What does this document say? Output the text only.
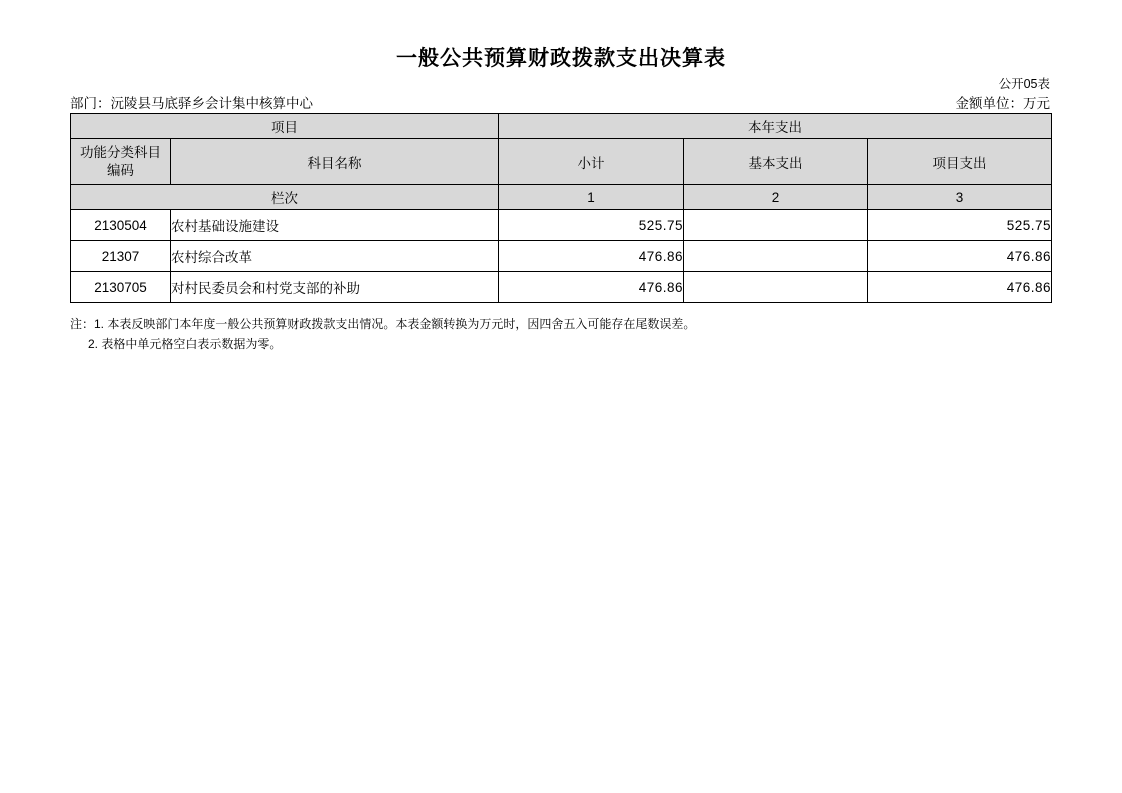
一般公共预算财政拨款支出决算表
公开05表
部门：沅陵县马底驿乡会计集中核算中心	金额单位：万元
项目		本年支出		

功能分类科目
编码	科目名称	小计	基本支出	项目支出
栏次		1	2	3
2130504	农村基础设施建设	525.75		525.75
21307	农村综合改革	476.86		476.86
2130705	对村民委员会和村党支部的补助	476.86		476.86
注：1. 本表反映部门本年度一般公共预算财政拨款支出情况。本表金额转换为万元时，因四舍五入可能存在尾数误差。
2. 表格中单元格空白表示数据为零。
